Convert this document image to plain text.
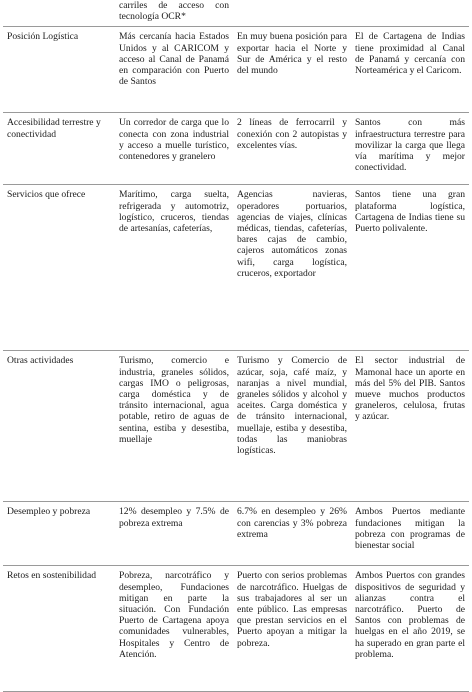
	carriles de acceso con tecnología OCR*		
Posición Logística	Más cercanía hacia Estados Unidos y al CARICOM y acceso al Canal de Panamá en comparación con Puerto de Santos	En muy buena posición para exportar hacia el Norte y Sur de América y el resto del mundo	El de Cartagena de Indias tiene proximidad al Canal de Panamá y cercanía con Norteamérica y el Caricom.
Accesibilidad terrestre y conectividad	Un corredor de carga que lo conecta con zona industrial y acceso a muelle turístico, contenedores y granelero	2 líneas de ferrocarril y conexión con 2 autopistas y excelentes vías.	Santos con más infraestructura terrestre para movilizar la carga que llega vía marítima y mejor conectividad.
Servicios que ofrece	Marítimo, carga suelta, refrigerada y automotriz, logístico, cruceros, tiendas de artesanías, cafeterías,	Agencias navieras, operadores portuarios, agencias de viajes, clínicas médicas, tiendas, cafeterías, bares cajas de cambio, cajeros automáticos zonas wifi, carga logística, cruceros, exportador	Santos tiene una gran plataforma logística, Cartagena de Indias tiene su Puerto polivalente.
Otras actividades	Turismo, comercio e industria, graneles sólidos, cargas IMO o peligrosas, carga doméstica y de tránsito internacional, agua potable, retiro de aguas de sentina, estiba y desestiba, muellaje	Turismo y Comercio de azúcar, soja, café maíz, y naranjas a nivel mundial, graneles sólidos y alcohol y aceites. Carga doméstica y de tránsito internacional, muellaje, estiba y desestiba, todas las maniobras logísticas.	El sector industrial de Mamonal hace un aporte en más del 5% del PIB. Santos mueve muchos productos graneleros, celulosa, frutas y azúcar.
Desempleo y pobreza	12% desempleo y 7.5% de pobreza extrema	6.7% en desempleo y 26% con carencias y 3% pobreza extrema	Ambos Puertos mediante fundaciones mitigan la pobreza con programas de bienestar social
Retos en sostenibilidad	Pobreza, narcotráfico y desempleo, Fundaciones mitigan en parte la situación. Con Fundación Puerto de Cartagena apoya comunidades vulnerables, Hospitales y Centro de Atención.	Puerto con serios problemas de narcotráfico. Huelgas de sus trabajadores al ser un ente público. Las empresas que prestan servicios en el Puerto apoyan a mitigar la pobreza.	Ambos Puertos con grandes dispositivos de seguridad y alianzas contra el narcotráfico. Puerto de Santos con problemas de huelgas en el año 2019, se ha superado en gran parte el problema.
